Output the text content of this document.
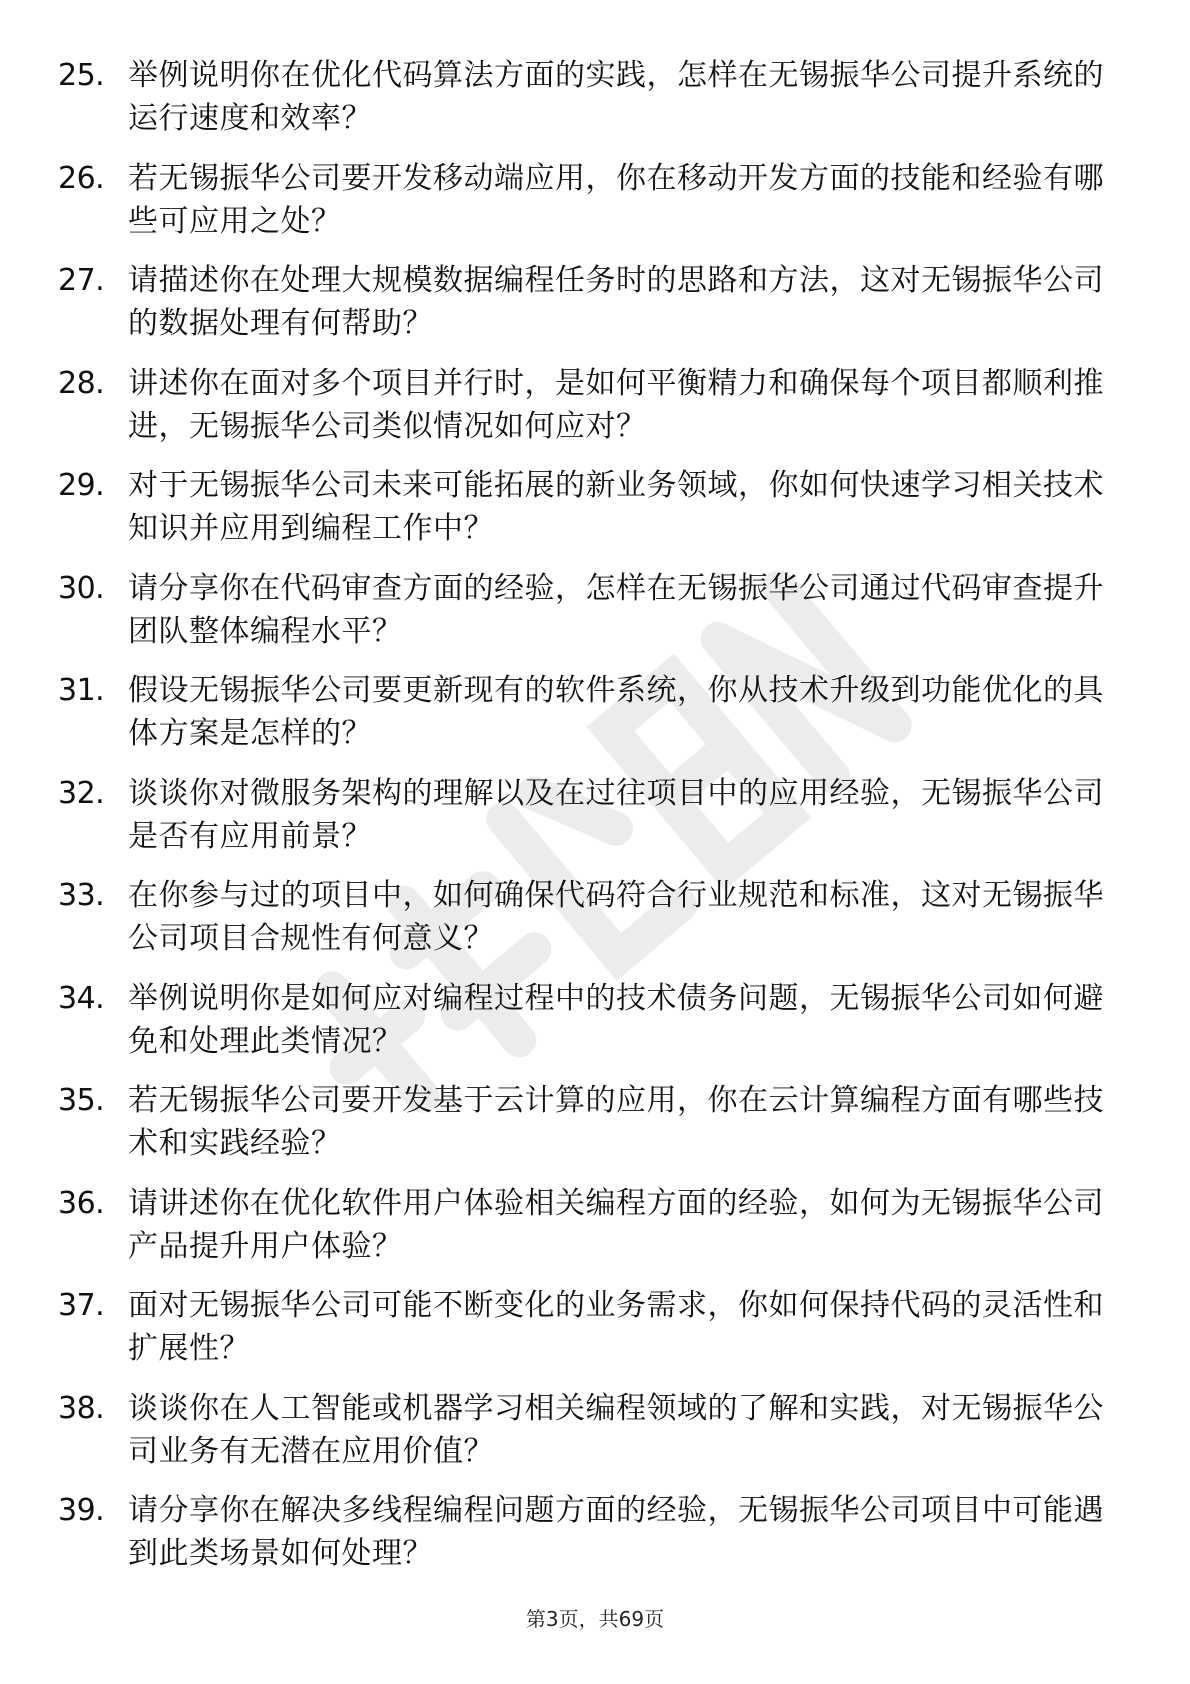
25. 举例说明你在优化代码算法方面的实践，怎样在无锡振华公司提升系统的运行速度和效率？
26. 若无锡振华公司要开发移动端应用，你在移动开发方面的技能和经验有哪些可应用之处？
27. 请描述你在处理大规模数据编程任务时的思路和方法，这对无锡振华公司的数据处理有何帮助？
28. 讲述你在面对多个项目并行时，是如何平衡精力和确保每个项目都顺利推进，无锡振华公司类似情况如何应对？
29. 对于无锡振华公司未来可能拓展的新业务领域，你如何快速学习相关技术知识并应用到编程工作中？
30. 请分享你在代码审查方面的经验，怎样在无锡振华公司通过代码审查提升团队整体编程水平？
31. 假设无锡振华公司要更新现有的软件系统，你从技术升级到功能优化的具体方案是怎样的？
32. 谈谈你对微服务架构的理解以及在过往项目中的应用经验，无锡振华公司是否有应用前景？
33. 在你参与过的项目中，如何确保代码符合行业规范和标准，这对无锡振华公司项目合规性有何意义？
34. 举例说明你是如何应对编程过程中的技术债务问题，无锡振华公司如何避免和处理此类情况？
35. 若无锡振华公司要开发基于云计算的应用，你在云计算编程方面有哪些技术和实践经验？
36. 请讲述你在优化软件用户体验相关编程方面的经验，如何为无锡振华公司产品提升用户体验？
37. 面对无锡振华公司可能不断变化的业务需求，你如何保持代码的灵活性和扩展性？
38. 谈谈你在人工智能或机器学习相关编程领域的了解和实践，对无锡振华公司业务有无潜在应用价值？
39. 请分享你在解决多线程编程问题方面的经验，无锡振华公司项目中可能遇到此类场景如何处理？
第3页，共69页
